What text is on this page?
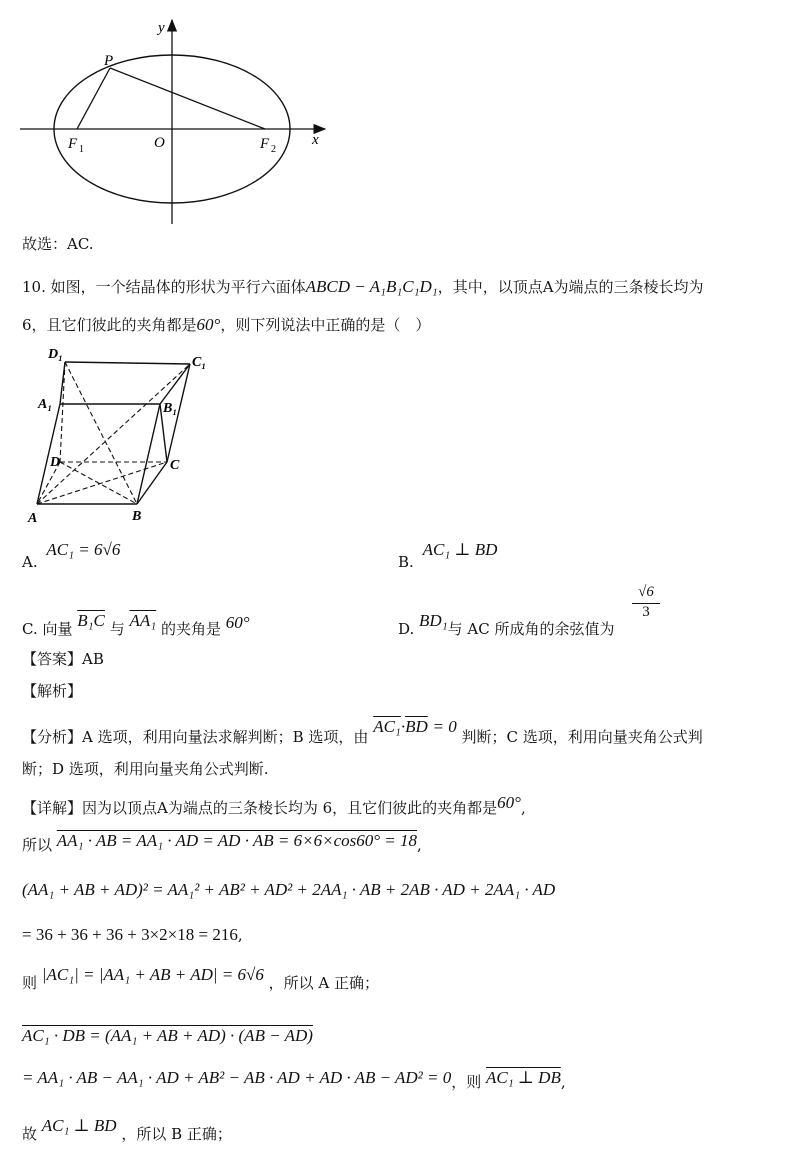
y
x
P
F 1	O	F 2
故选：AC.
10. 如图，一个结晶体的形状为平行六面体ABCD − A₁B₁C₁D₁，其中，以顶点A为端点的三条棱长均为
6，且它们彼此的夹角都是60°，则下列说法中正确的是（　）
D₁
C₁
A₁	B₁
D	C
A	B
A. AC₁ = 6√6
B. AC₁ ⊥ BD
C. 向量 B₁C 与 AA₁ 的夹角是 60°	D. BD₁与 AC 所成角的余弦值为
$\frac{√6}{3}$
【答案】AB
【解析】
【分析】A 选项，利用向量法求解判断；B 选项，由 $AC_1\cdot\overline{BD} = 0$ 判断；C 选项，利用向量夹角公式判
断；D 选项，利用向量夹角公式判断.
【详解】因为以顶点A为端点的三条棱长均为 6，且它们彼此的夹角都是60°,
所以 AA₁ · AB = AA₁ · AD = AD · AB = 6×6×cos60° = 18,
(AA₁ + AB + AD)² = AA₁² + AB² + AD² + 2AA₁ · AB + 2AB · AD + 2AA₁ · AD
= 36 + 36 + 36 + 3×2×18 = 216,
则 |AC₁| = |AA₁ + AB + AD| = 6√6 ，所以 A 正确；
AC₁ · DB = (AA₁ + AB + AD) · (AB − AD)
= AA₁ · AB − AA₁ · AD + AB² − AB · AD + AD · AB − AD² = 0，则 AC₁ ⊥ DB,
故 AC₁ ⊥ BD ，所以 B 正确；
